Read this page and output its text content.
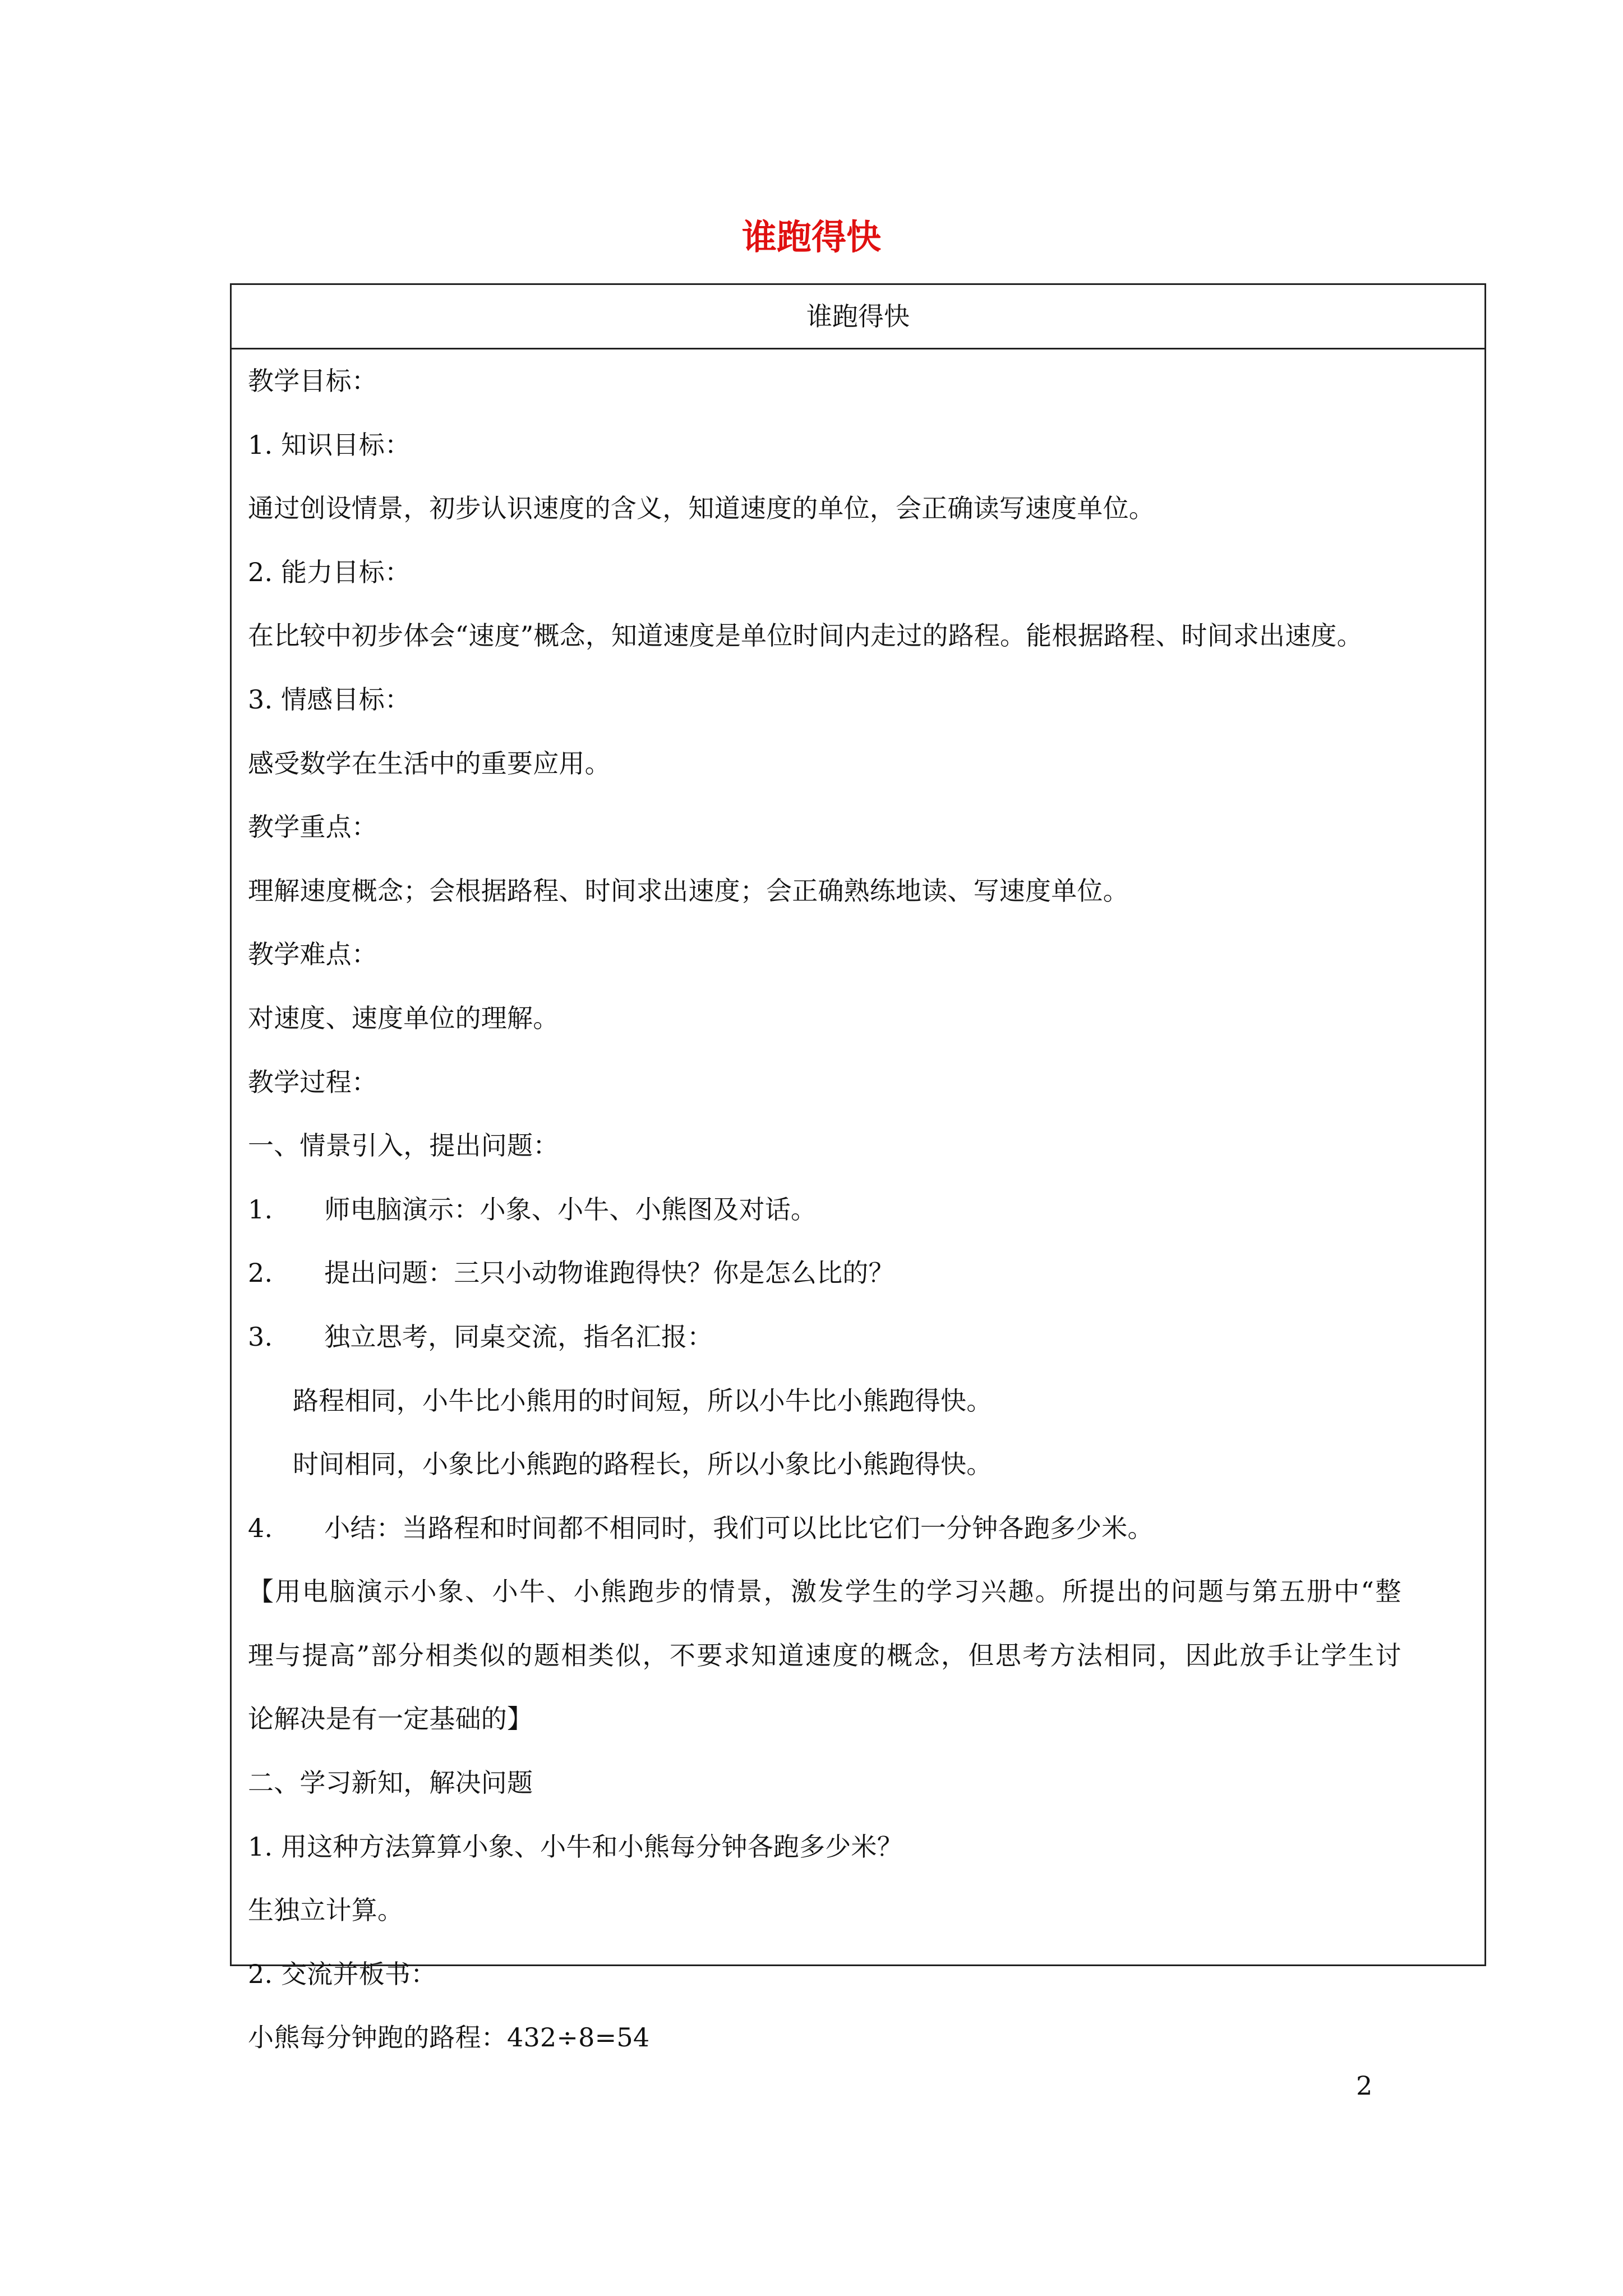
谁跑得快
谁跑得快
教学目标：
1. 知识目标：
通过创设情景，初步认识速度的含义，知道速度的单位，会正确读写速度单位。
2. 能力目标：
在比较中初步体会“速度”概念，知道速度是单位时间内走过的路程。能根据路程、时间求出速度。
3. 情感目标：
感受数学在生活中的重要应用。
教学重点：
理解速度概念；会根据路程、时间求出速度；会正确熟练地读、写速度单位。
教学难点：
对速度、速度单位的理解。
教学过程：
一、情景引入，提出问题：
1. 师电脑演示：小象、小牛、小熊图及对话。
2. 提出问题：三只小动物谁跑得快？你是怎么比的？
3. 独立思考，同桌交流，指名汇报：
路程相同，小牛比小熊用的时间短，所以小牛比小熊跑得快。
时间相同，小象比小熊跑的路程长，所以小象比小熊跑得快。
4. 小结：当路程和时间都不相同时，我们可以比比它们一分钟各跑多少米。
【用电脑演示小象、小牛、小熊跑步的情景，激发学生的学习兴趣。所提出的问题与第五册中“整
理与提高”部分相类似的题相类似，不要求知道速度的概念，但思考方法相同，因此放手让学生讨
论解决是有一定基础的】
二、学习新知，解决问题
1. 用这种方法算算小象、小牛和小熊每分钟各跑多少米？
生独立计算。
2. 交流并板书：
小熊每分钟跑的路程：432÷8=54
2
